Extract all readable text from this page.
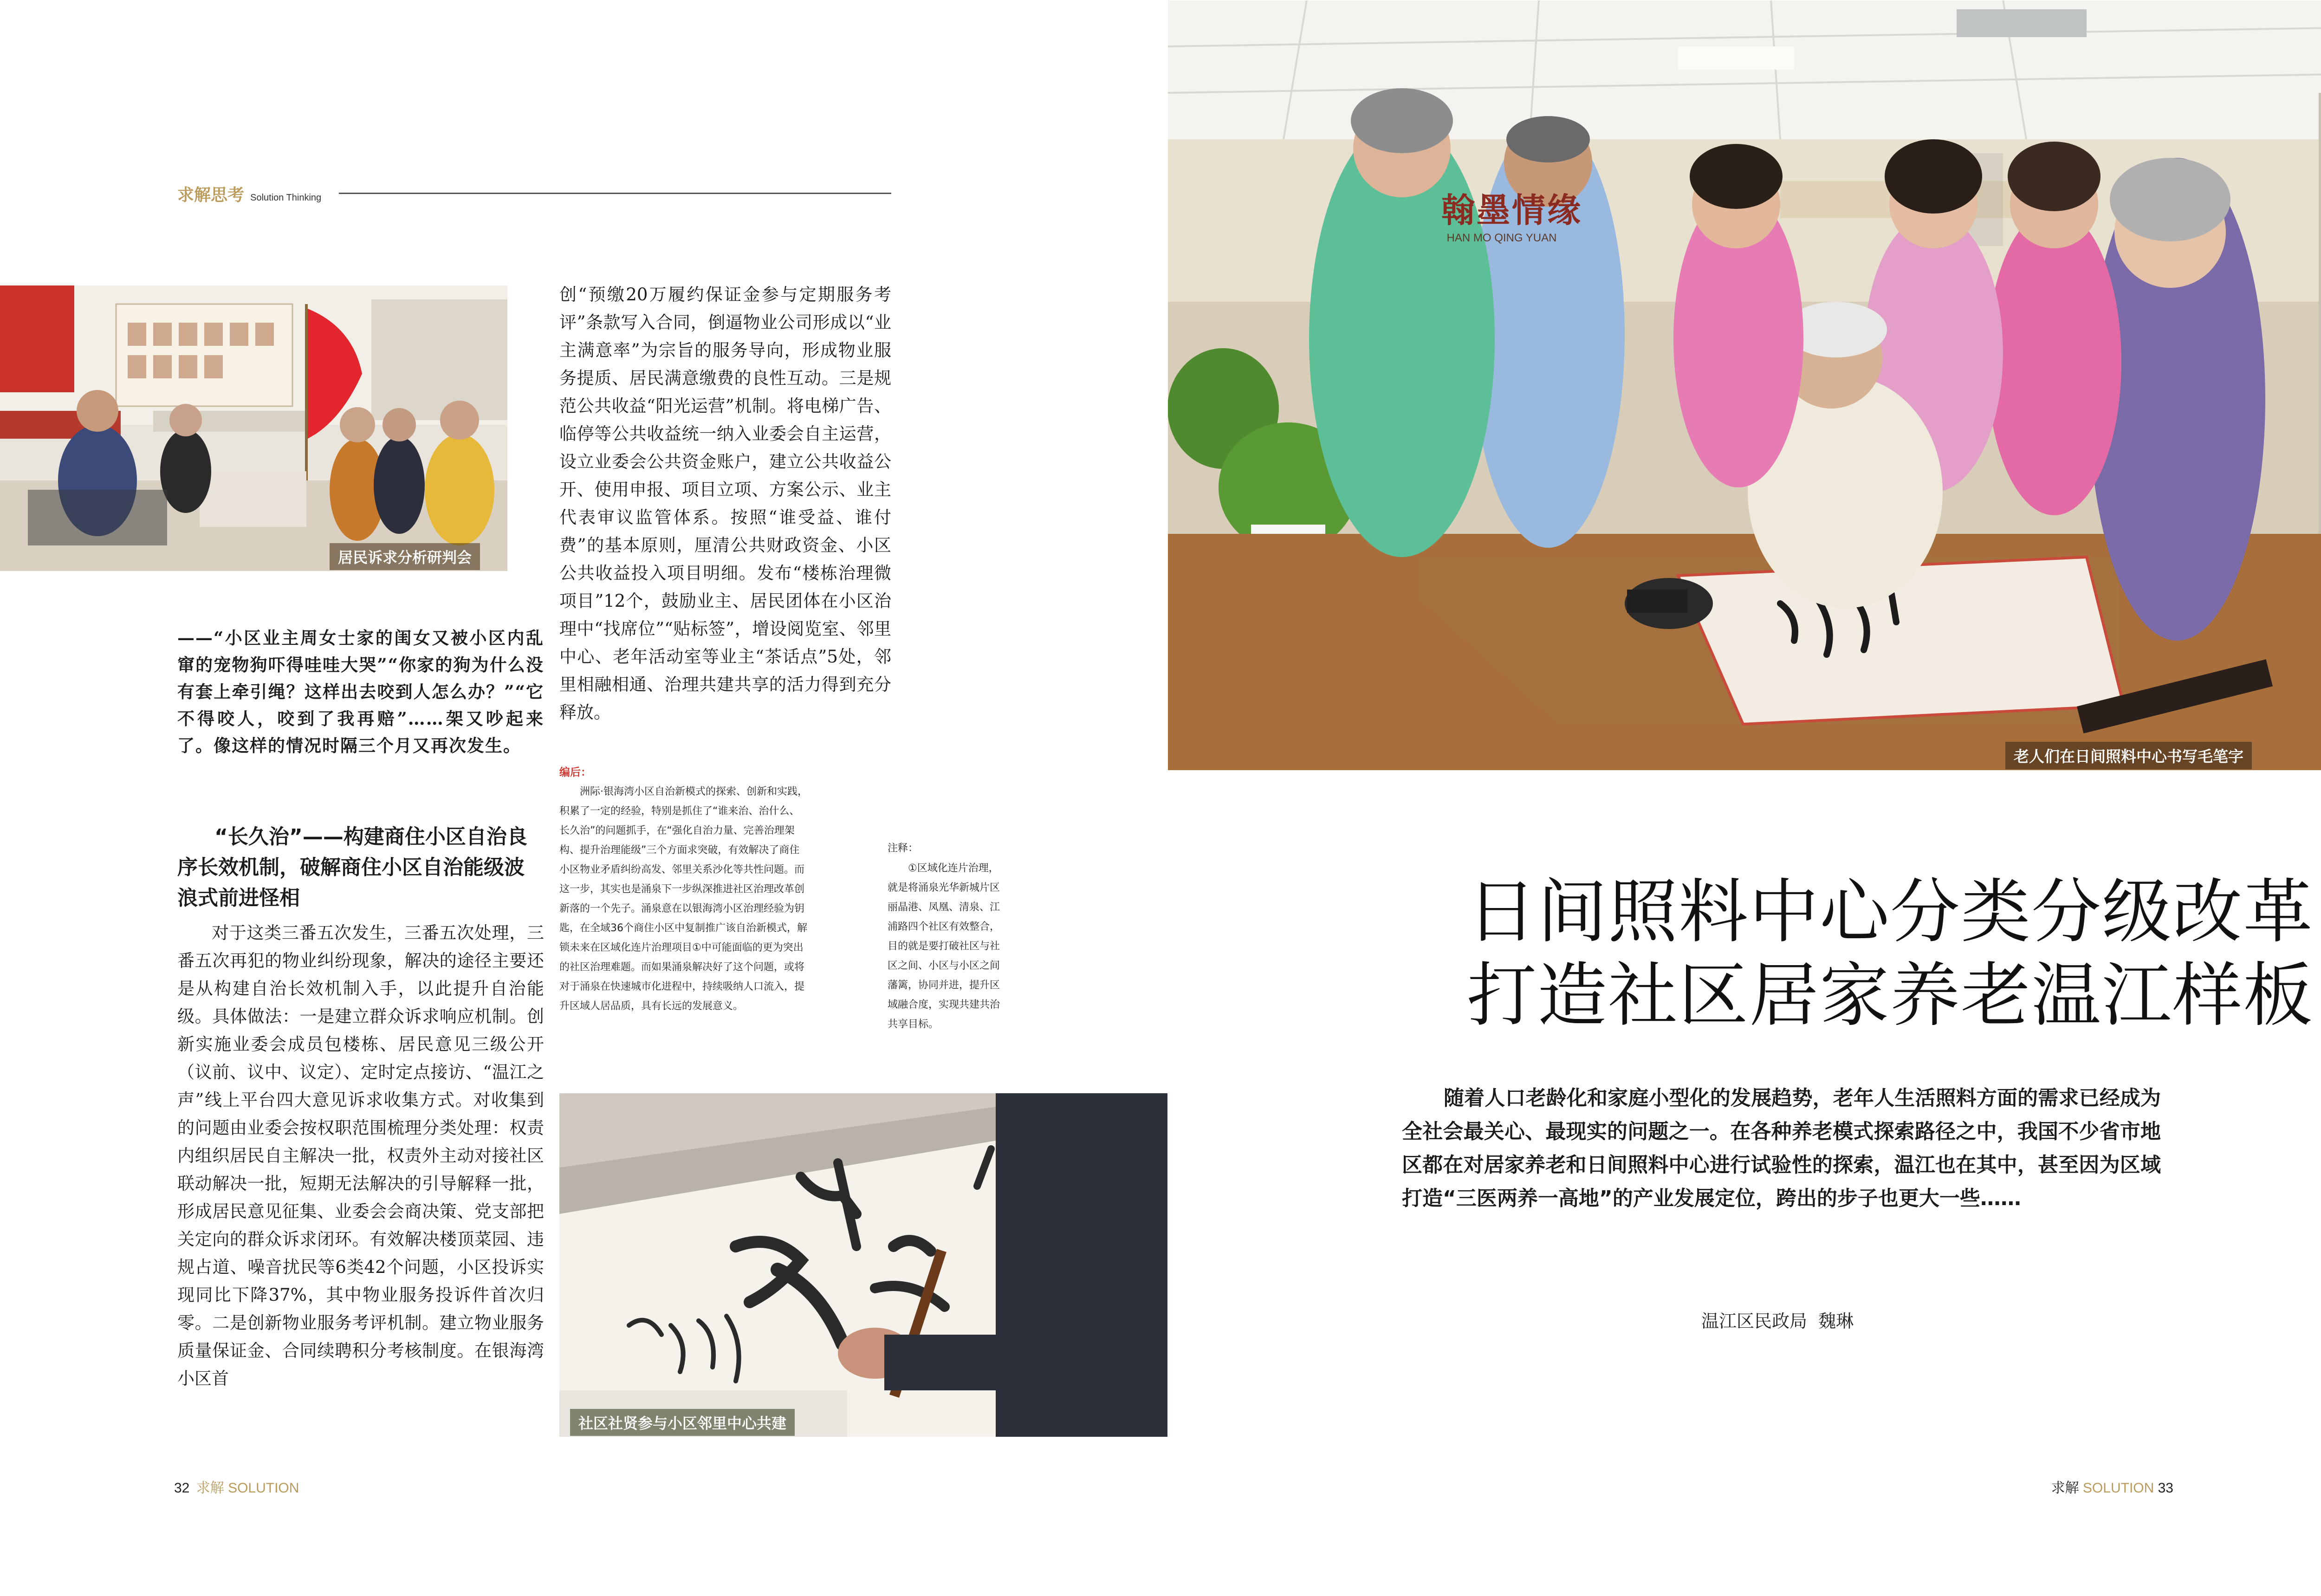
求解思考 Solution Thinking
居民诉求分析研判会

创“预缴20万履约保证金参与定期服务考评”条款写入合同，倒逼物业公司形成以“业主满意率”为宗旨的服务导向，形成物业服务提质、居民满意缴费的良性互动。三是规范公共收益“阳光运营”机制。将电梯广告、临停等公共收益统一纳入业委会自主运营，设立业委会公共资金账户，建立公共收益公开、使用申报、项目立项、方案公示、业主代表审议监管体系。按照“谁受益、谁付费”的基本原则，厘清公共财政资金、小区公共收益投入项目明细。发布“楼栋治理微项目”12个，鼓励业主、居民团体在小区治理中“找席位”“贴标签”，增设阅览室、邻里中心、老年活动室等业主“茶话点”5处，邻里相融相通、治理共建共享的活力得到充分释放。

——“小区业主周女士家的闺女又被小区内乱窜的宠物狗吓得哇哇大哭”“你家的狗为什么没有套上牵引绳？这样出去咬到人怎么办？”“它不得咬人，咬到了我再赔”……架又吵起来了。像这样的情况时隔三个月又再次发生。

“长久治”——构建商住小区自治良序长效机制，破解商住小区自治能级波浪式前进怪相

对于这类三番五次发生，三番五次处理，三番五次再犯的物业纠纷现象，解决的途径主要还是从构建自治长效机制入手，以此提升自治能级。具体做法：一是建立群众诉求响应机制。创新实施业委会成员包楼栋、居民意见三级公开（议前、议中、议定）、定时定点接访、“温江之声”线上平台四大意见诉求收集方式。对收集到的问题由业委会按权职范围梳理分类处理：权责内组织居民自主解决一批，权责外主动对接社区联动解决一批，短期无法解决的引导解释一批，形成居民意见征集、业委会会商决策、党支部把关定向的群众诉求闭环。有效解决楼顶菜园、违规占道、噪音扰民等6类42个问题，小区投诉实现同比下降37%，其中物业服务投诉件首次归零。二是创新物业服务考评机制。建立物业服务质量保证金、合同续聘积分考核制度。在银海湾小区首

编后：

洲际·银海湾小区自治新模式的探索、创新和实践，积累了一定的经验，特别是抓住了“谁来治、治什么、长久治”的问题抓手，在“强化自治力量、完善治理架构、提升治理能级”三个方面求突破，有效解决了商住小区物业矛盾纠纷高发、邻里关系沙化等共性问题。而这一步，其实也是涌泉下一步纵深推进社区治理改革创新落的一个先子。涌泉意在以银海湾小区治理经验为钥匙，在全域36个商住小区中复制推广该自治新模式，解锁未来在区域化连片治理项目①中可能面临的更为突出的社区治理难题。而如果涌泉解决好了这个问题，或将对于涌泉在快速城市化进程中，持续吸纳人口流入，提升区域人居品质，具有长远的发展意义。

注释：

①区域化连片治理，就是将涌泉光华新城片区丽晶港、凤凰、清泉、江浦路四个社区有效整合，目的就是要打破社区与社区之间、小区与小区之间藩篱，协同并进，提升区域融合度，实现共建共治共享目标。

社区社贤参与小区邻里中心共建
翰墨情缘
HAN MO QING YUAN
老人们在日间照料中心书写毛笔字
日间照料中心分类分级改革
打造社区居家养老温江样板

随着人口老龄化和家庭小型化的发展趋势，老年人生活照料方面的需求已经成为全社会最关心、最现实的问题之一。在各种养老模式探索路径之中，我国不少省市地区都在对居家养老和日间照料中心进行试验性的探索，温江也在其中，甚至因为区域打造“三医两养一高地”的产业发展定位，跨出的步子也更大一些……

温江区民政局  魏琳
32 求解 SOLUTION	求解 SOLUTION 33
